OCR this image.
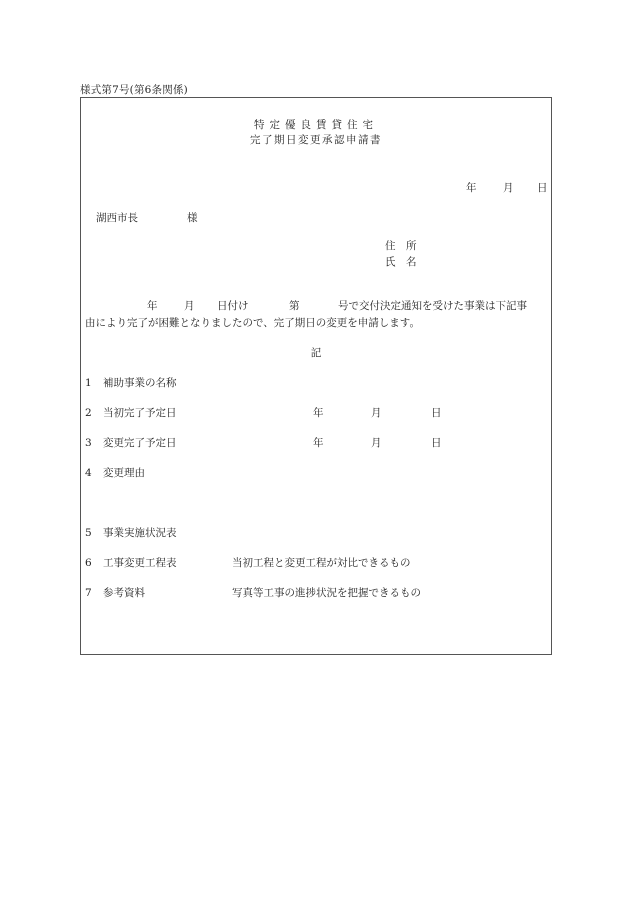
様式第7号(第6条関係)
特定優良賃貸住宅
完了期日変更承認申請書
年	月 日
湖西市長	様
住　所
氏　名
年	月 日付け	第	号で交付決定通知を受けた事業は下記事
由により完了が困難となりましたので、完了期日の変更を申請します。
記
1 補助事業の名称
2 当初完了予定日	年	月	日
3 変更完了予定日	年	月	日
4 変更理由
5 事業実施状況表
6 工事変更工程表	当初工程と変更工程が対比できるもの
7 参考資料	写真等工事の進捗状況を把握できるもの
